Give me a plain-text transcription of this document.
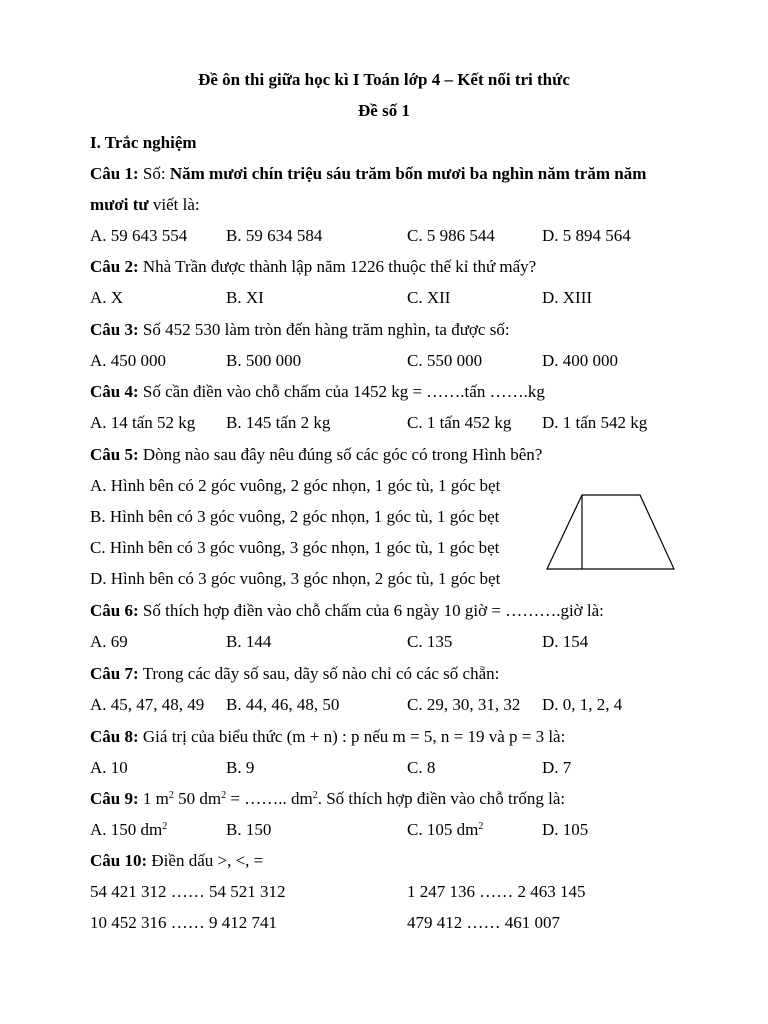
Đề ôn thi giữa học kì I Toán lớp 4 – Kết nối tri thức
Đề số 1
I. Trắc nghiệm
Câu 1: Số: Năm mươi chín triệu sáu trăm bốn mươi ba nghìn năm trăm năm
mươi tư viết là:
A. 59 643 554 B. 59 634 584	C. 5 986 544	D. 5 894 564
Câu 2: Nhà Trần được thành lập năm 1226 thuộc thế kỉ thứ mấy?
A. X	B. XI	C. XII	D. XIII
Câu 3: Số 452 530 làm tròn đến hàng trăm nghìn, ta được số:
A. 450 000	B. 500 000	C. 550 000	D. 400 000
Câu 4: Số cần điền vào chỗ chấm của 1452 kg = …….tấn …….kg
A. 14 tấn 52 kg B. 145 tấn 2 kg	C. 1 tấn 452 kg D. 1 tấn 542 kg
Câu 5: Dòng nào sau đây nêu đúng số các góc có trong Hình bên?
A. Hình bên có 2 góc vuông, 2 góc nhọn, 1 góc tù, 1 góc bẹt
B. Hình bên có 3 góc vuông, 2 góc nhọn, 1 góc tù, 1 góc bẹt
C. Hình bên có 3 góc vuông, 3 góc nhọn, 1 góc tù, 1 góc bẹt
D. Hình bên có 3 góc vuông, 3 góc nhọn, 2 góc tù, 1 góc bẹt
Câu 6: Số thích hợp điền vào chỗ chấm của 6 ngày 10 giờ = ……….giờ là:
A. 69	B. 144	C. 135	D. 154
Câu 7: Trong các dãy số sau, dãy số nào chỉ có các số chẵn:
A. 45, 47, 48, 49 B. 44, 46, 48, 50	C. 29, 30, 31, 32 D. 0, 1, 2, 4
Câu 8: Giá trị của biểu thức (m + n) : p nếu m = 5, n = 19 và p = 3 là:
A. 10	B. 9	C. 8	D. 7
Câu 9: 1 $m^2$ 50 $dm^2$ = …….. $dm^2$. Số thích hợp điền vào chỗ trống là:
A. 150 $dm^2$	B. 150	C. 105 $dm^2$	D. 105
Câu 10: Điền dấu >, <, =
54 421 312 …… 54 521 312	1 247 136 …… 2 463 145
10 452 316 …… 9 412 741	479 412 …… 461 007
